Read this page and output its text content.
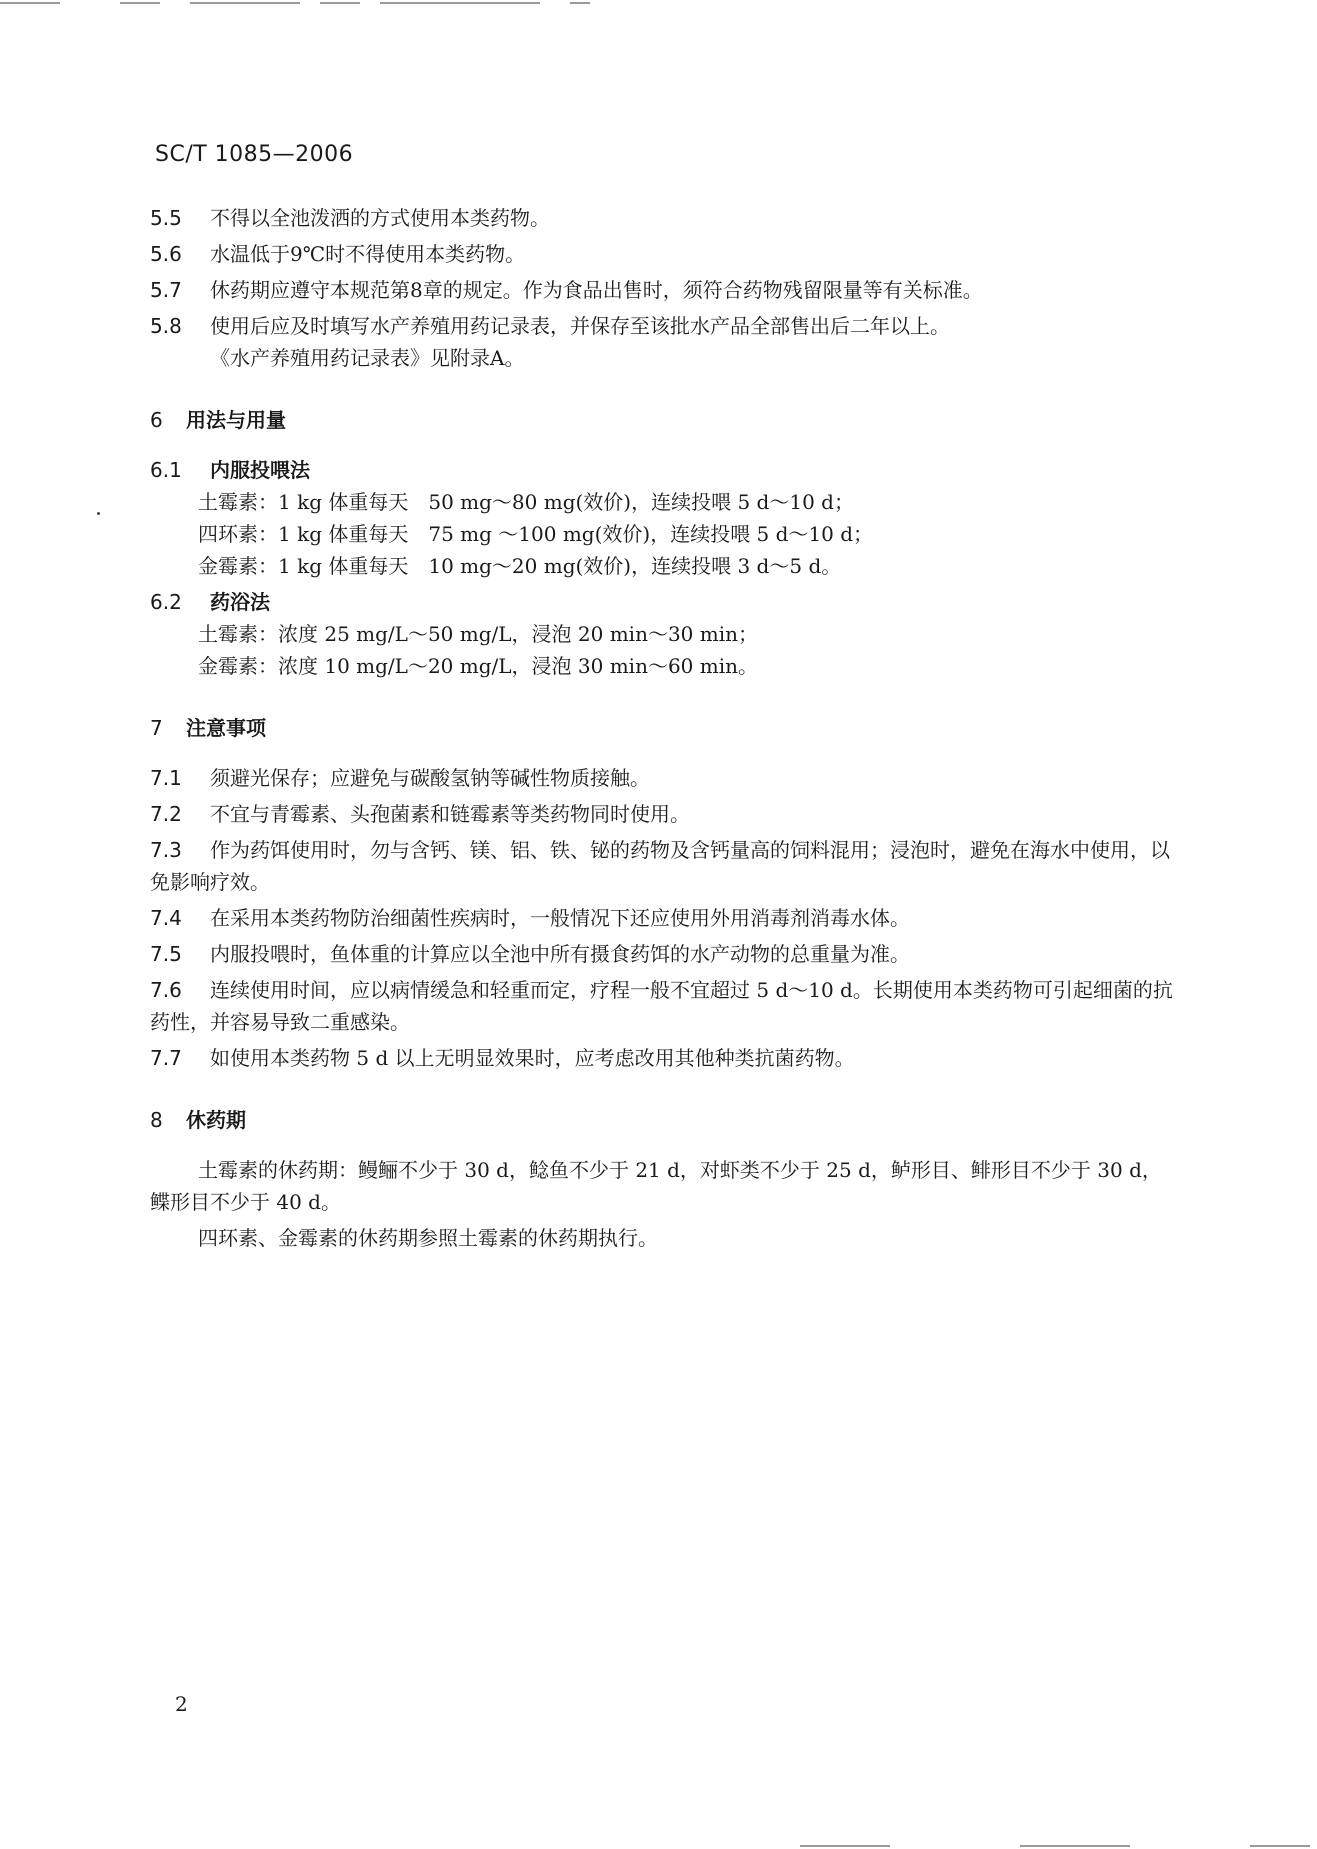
SC/T 1085—2006
5.5	不得以全池泼洒的方式使用本类药物。
5.6	水温低于9℃时不得使用本类药物。
5.7	休药期应遵守本规范第8章的规定。作为食品出售时，须符合药物残留限量等有关标准。
5.8	使用后应及时填写水产养殖用药记录表，并保存至该批水产品全部售出后二年以上。
《水产养殖用药记录表》见附录A。
6 用法与用量
6.1 内服投喂法
土霉素：1 kg 体重每天　50 mg～80 mg(效价)，连续投喂 5 d～10 d；
四环素：1 kg 体重每天　75 mg ～100 mg(效价)，连续投喂 5 d～10 d；
金霉素：1 kg 体重每天　10 mg～20 mg(效价)，连续投喂 3 d～5 d。
6.2 药浴法
土霉素：浓度 25 mg/L～50 mg/L，浸泡 20 min～30 min；
金霉素：浓度 10 mg/L～20 mg/L，浸泡 30 min～60 min。
7 注意事项
7.1	须避光保存；应避免与碳酸氢钠等碱性物质接触。
7.2	不宜与青霉素、头孢菌素和链霉素等类药物同时使用。
7.3	作为药饵使用时，勿与含钙、镁、铝、铁、铋的药物及含钙量高的饲料混用；浸泡时，避免在海水中使用，以免影响疗效。
7.4	在采用本类药物防治细菌性疾病时，一般情况下还应使用外用消毒剂消毒水体。
7.5	内服投喂时，鱼体重的计算应以全池中所有摄食药饵的水产动物的总重量为准。
7.6	连续使用时间，应以病情缓急和轻重而定，疗程一般不宜超过 5 d～10 d。长期使用本类药物可引起细菌的抗药性，并容易导致二重感染。
7.7	如使用本类药物 5 d 以上无明显效果时，应考虑改用其他种类抗菌药物。
8 休药期
土霉素的休药期：鳗鲡不少于 30 d，鲶鱼不少于 21 d，对虾类不少于 25 d，鲈形目、鲱形目不少于 30 d，鲽形目不少于 40 d。
四环素、金霉素的休药期参照土霉素的休药期执行。
2
